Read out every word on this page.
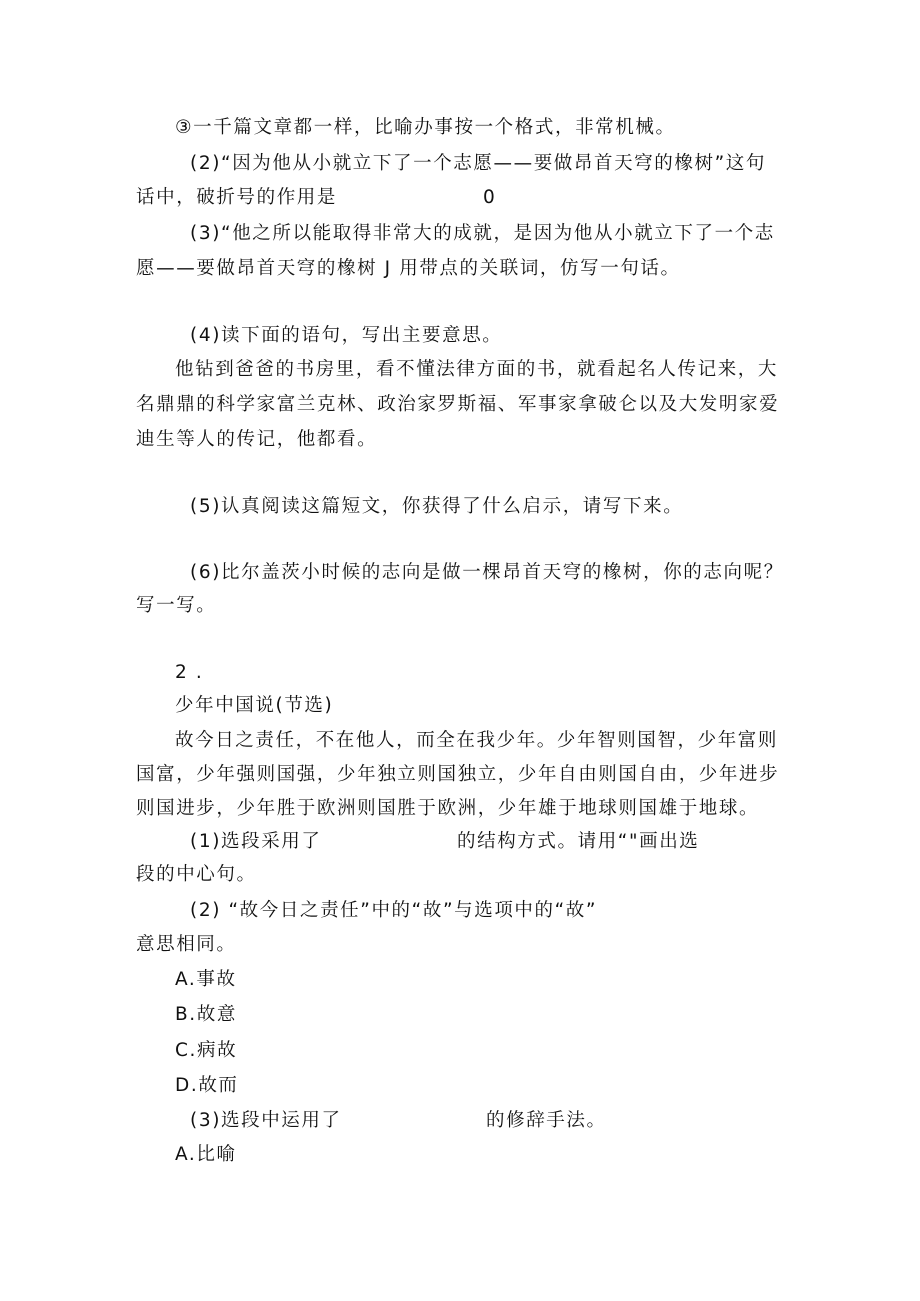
③一千篇文章都一样，比喻办事按一个格式，非常机械。
(2)“因为他从小就立下了一个志愿——要做昂首天穹的橡树”这句
话中，破折号的作用是	0
(3)“他之所以能取得非常大的成就，是因为他从小就立下了一个志
愿——要做昂首天穹的橡树 J 用带点的关联词，仿写一句话。
(4)读下面的语句，写出主要意思。
他钻到爸爸的书房里，看不懂法律方面的书，就看起名人传记来，大
名鼎鼎的科学家富兰克林、政治家罗斯福、军事家拿破仑以及大发明家爱
迪生等人的传记，他都看。
(5)认真阅读这篇短文，你获得了什么启示，请写下来。
(6)比尔盖茨小时候的志向是做一棵昂首天穹的橡树，你的志向呢？
写一写。
2 .
少年中国说(节选)
故今日之责任，不在他人，而全在我少年。少年智则国智，少年富则
国富，少年强则国强，少年独立则国独立，少年自由则国自由，少年进步
则国进步，少年胜于欧洲则国胜于欧洲，少年雄于地球则国雄于地球。
(1)选段采用了	的结构方式。请用“"画出选
段的中心句。
(2) “故今日之责任”中的“故”与选项中的“故”
意思相同。
A.事故
B.故意
C.病故
D.故而
(3)选段中运用了	的修辞手法。
A.比喻
